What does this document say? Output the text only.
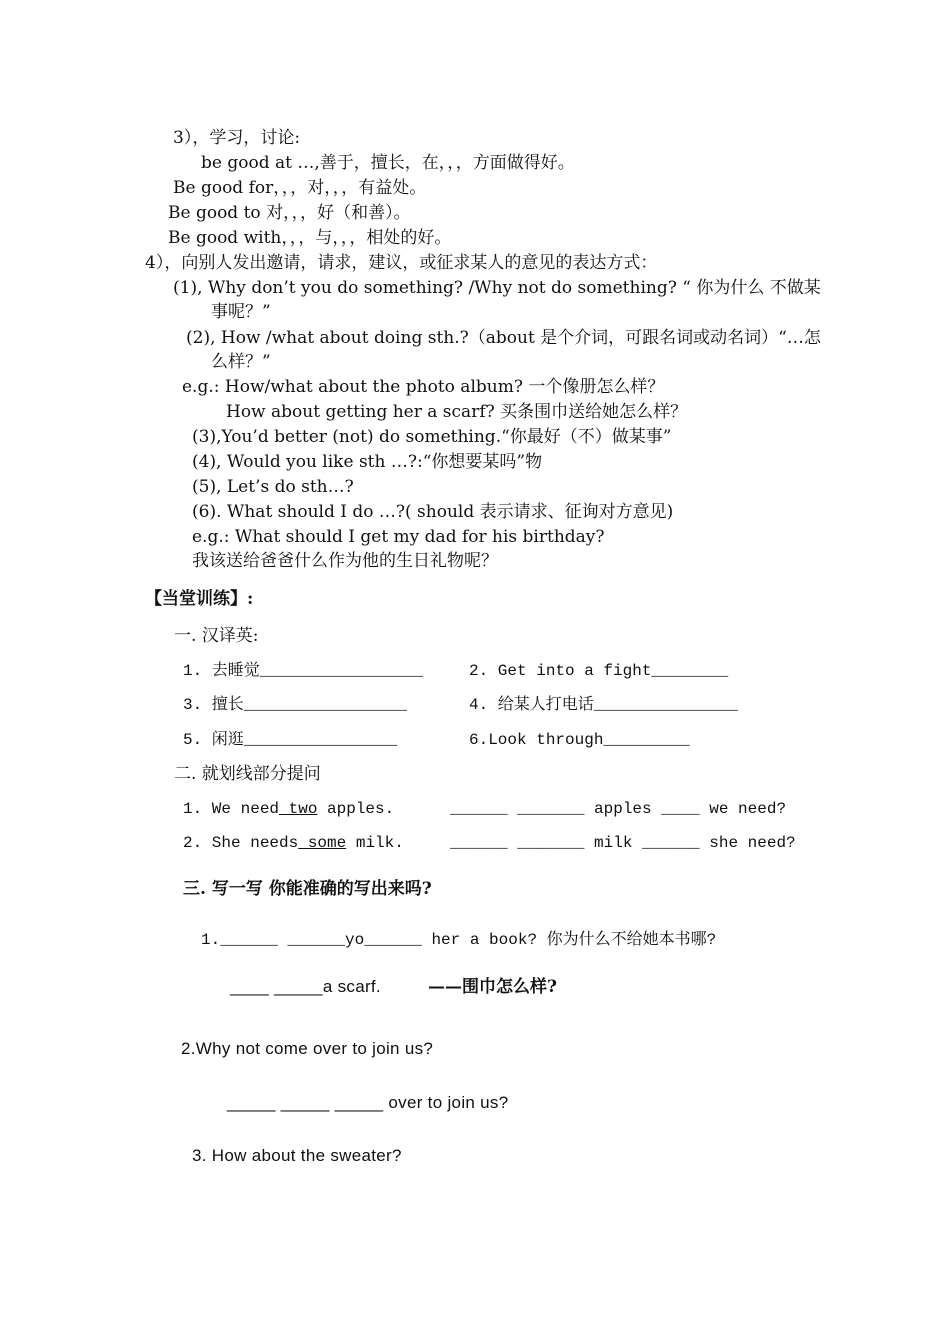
3），学习，讨论:
be good at …,善于，擅长，在，，，方面做得好。
Be good for，，，对，，，有益处。
Be good to 对，，，好（和善）。
Be good with，，，与，，，相处的好。
4），向别人发出邀请，请求，建议，或征求某人的意见的表达方式：
(1), Why don’t you do something? /Why not do something? “ 你为什么 不做某
事呢？”
(2), How /what about doing sth.?（about 是个介词，可跟名词或动名词）“…怎
么样？”
e.g.: How/what about the photo album? 一个像册怎么样？
How about getting her a scarf? 买条围巾送给她怎么样？
(3),You’d better (not) do something.“你最好（不）做某事”
(4), Would you like sth …?:“你想要某吗”物
(5), Let’s do sth…?
(6). What should I do …?( should 表示请求、征询对方意见)
e.g.: What should I get my dad for his birthday?
我该送给爸爸什么作为他的生日礼物呢？
【当堂训练】:
一. 汉译英:
1. 去睡觉_________________	2. Get into a fight________
3. 擅长_________________	4. 给某人打电话_______________
5. 闲逛________________	6.Look through_________
二. 就划线部分提问
1. We need two apples.	______ _______ apples ____ we need?
2. She needs some milk.	______ _______ milk ______ she need?
三. 写一写 你能准确的写出来吗?
1.______ ______yo______ her a book? 你为什么不给她本书哪?
____ _____a scarf.	——围巾怎么样?
2.Why not come over to join us?
_____ _____ _____ over to join us?
3. How about the sweater?
